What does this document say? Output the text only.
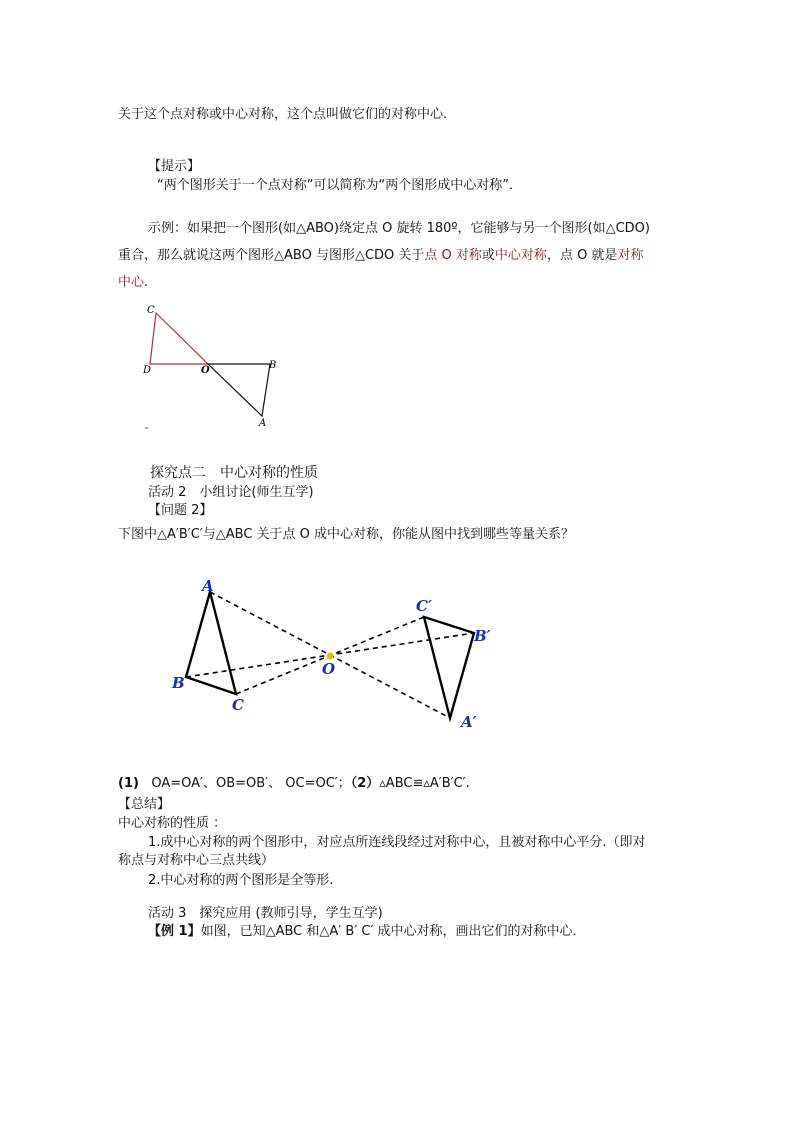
关于这个点对称或中心对称，这个点叫做它们的对称中心．
【提示】
“两个图形关于一个点对称”可以简称为“两个图形成中心对称”．
示例：如果把一个图形(如△ABO)绕定点 O 旋转 180º，它能够与另一个图形(如△CDO)
重合，那么就说这两个图形△ABO 与图形△CDO 关于点 O 对称或中心对称，点 O 就是对称
中心.
C
D	O	B
A
探究点二　中心对称的性质
活动 2　小组讨论(师生互学)
【问题 2】
下图中△A′B′C′与△ABC 关于点 O 成中心对称，你能从图中找到哪些等量关系？
A
B
C
O
C′
B′
A′
(1) OA=OA′、OB=OB′、 OC=OC′；（2）▵ABC≌▵A′B′C′.
【总结】
中心对称的性质 ：
1.成中心对称的两个图形中，对应点所连线段经过对称中心，且被对称中心平分.（即对
称点与对称中心三点共线）
2.中心对称的两个图形是全等形.
活动 3　探究应用 (教师引导，学生互学)
【例 1】如图，已知△ABC 和△A′ B′ C′ 成中心对称，画出它们的对称中心．
